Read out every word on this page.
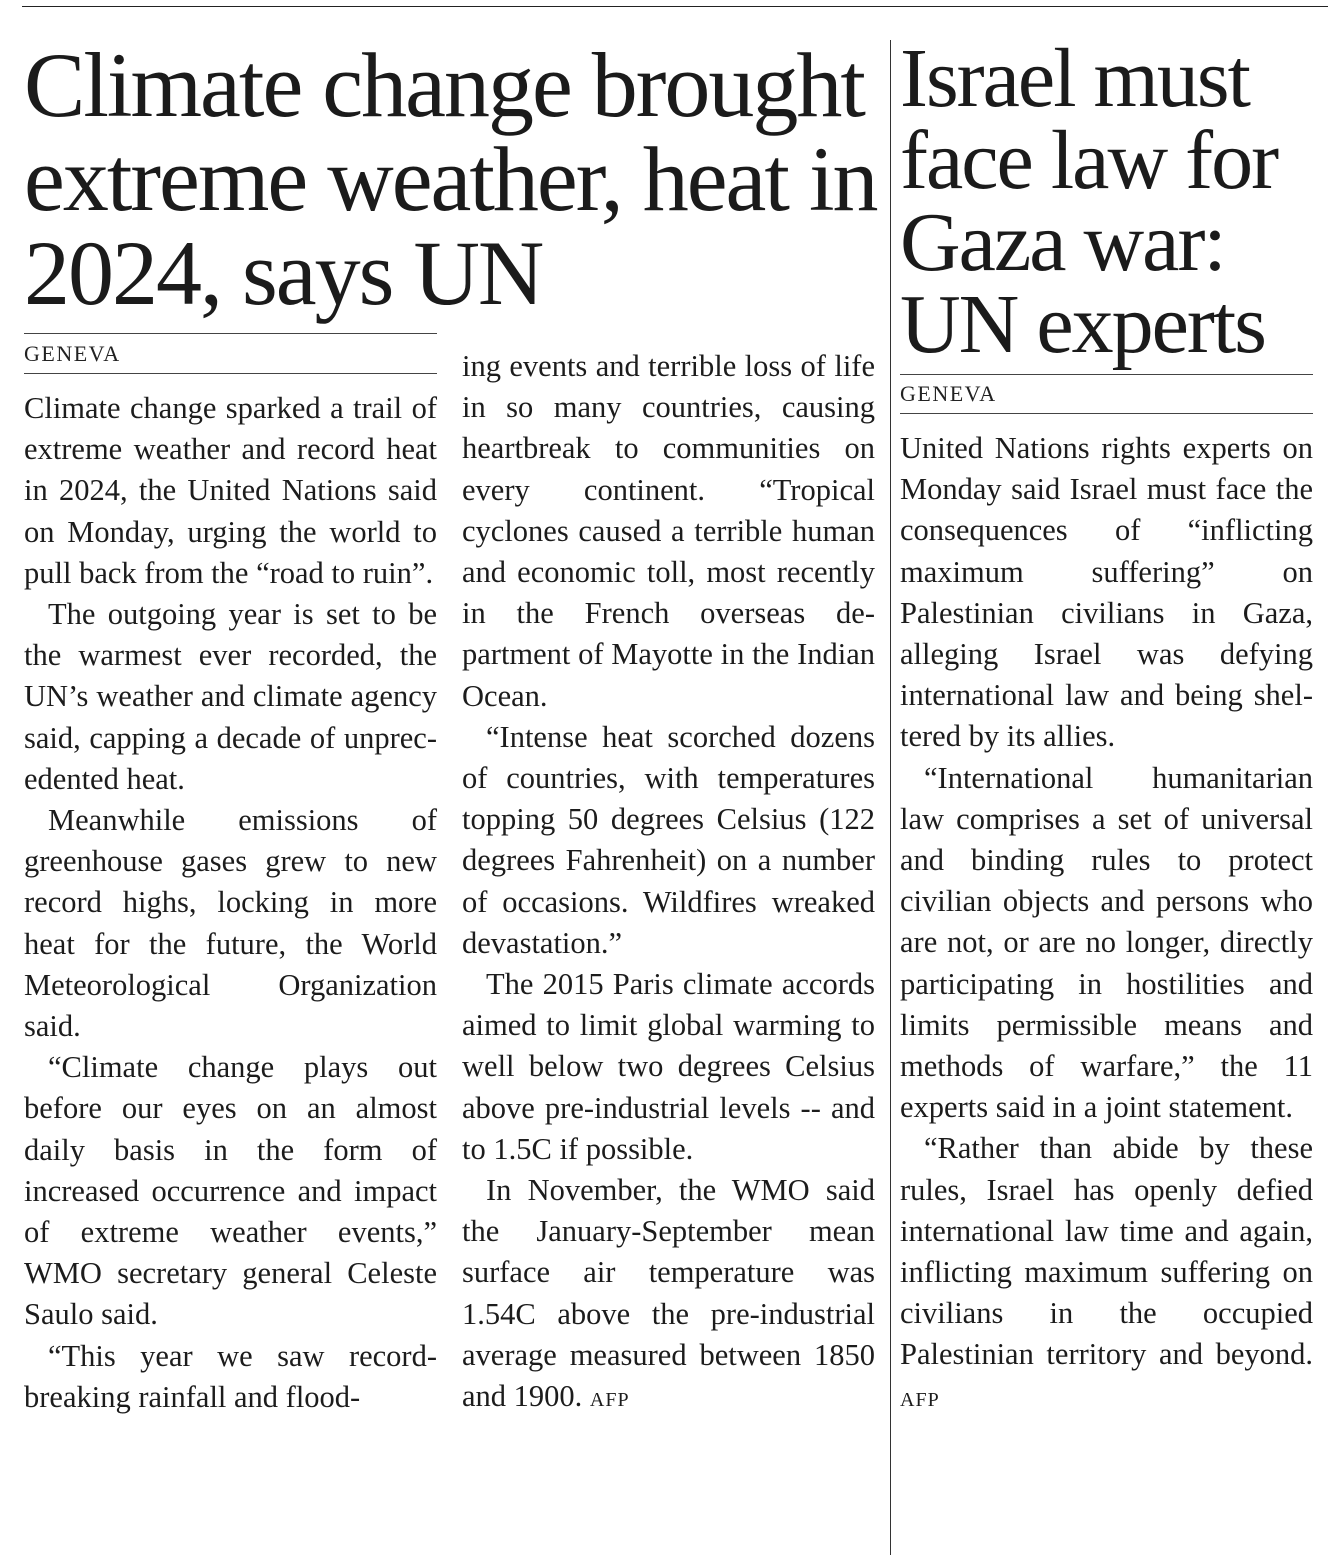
Climate change brought extreme weather, heat in 2024, says UN
GENEVA

Climate change sparked a trail of extreme weather and record heat in 2024, the United Nations said on Monday, urging the world to pull back from the “road to ruin”.

The outgoing year is set to be the warmest ever recorded, the UN’s weather and climate agency said, capping a decade of unprecedented heat.

Meanwhile emissions of greenhouse gases grew to new record highs, locking in more heat for the future, the World Meteorological Organization said.

“Climate change plays out before our eyes on an almost daily basis in the form of increased occurrence and impact of extreme weather events,” WMO secretary general Celeste Saulo said.

“This year we saw record-breaking rainfall and flood-

ing events and terrible loss of life in so many countries, causing heartbreak to communities on every continent. “Tropical cyclones caused a terrible human and economic toll, most recently in the French overseas department of Mayotte in the Indian Ocean.

“Intense heat scorched dozens of countries, with temperatures topping 50 degrees Celsius (122 degrees Fahrenheit) on a number of occasions. Wildfires wreaked devastation.”

The 2015 Paris climate accords aimed to limit global warming to well below two degrees Celsius above pre-industrial levels -- and to 1.5C if possible.

In November, the WMO said the January-September mean surface air temperature was 1.54C above the pre-industrial average measured between 1850 and 1900. AFP

Israel must face law for Gaza war: UN experts
GENEVA

United Nations rights experts on Monday said Israel must face the consequences of “inflicting maximum suffering” on Palestinian civilians in Gaza, alleging Israel was defying international law and being sheltered by its allies.

“International humanitarian law comprises a set of universal and binding rules to protect civilian objects and persons who are not, or are no longer, directly participating in hostilities and limits permissible means and methods of warfare,” the 11 experts said in a joint statement.

“Rather than abide by these rules, Israel has openly defied international law time and again, inflicting maximum suffering on civilians in the occupied Palestinian territory and beyond. AFP
